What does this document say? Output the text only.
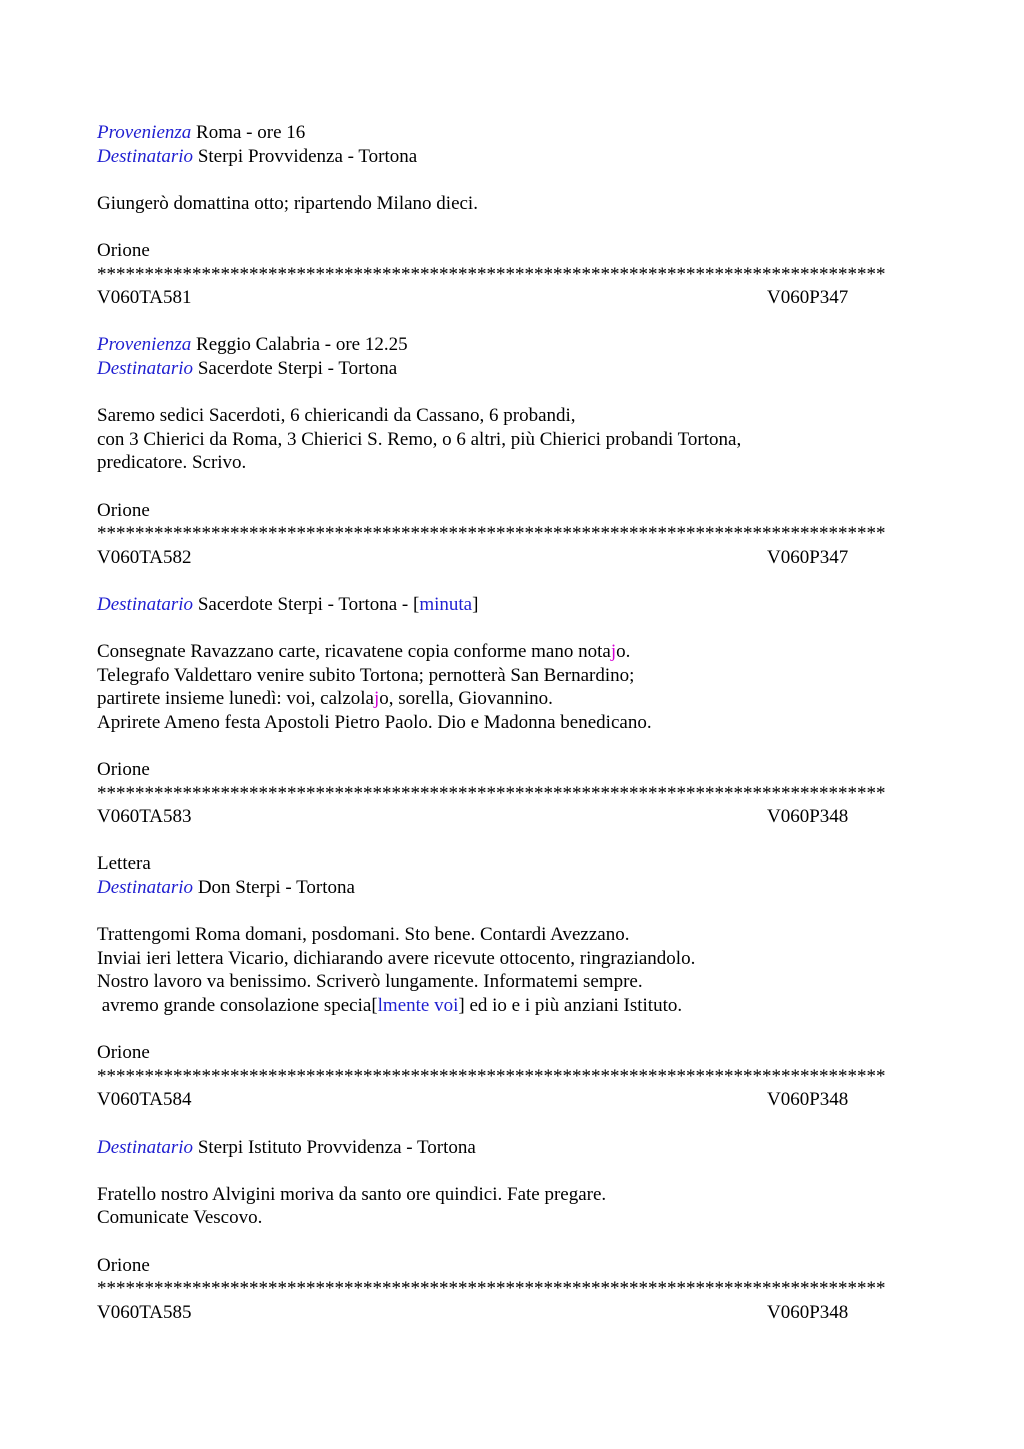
Provenienza Roma - ore 16
Destinatario Sterpi Provvidenza - Tortona
Giungerò domattina otto; ripartendo Milano dieci.
Orione
***********************************************************************************
V060TA581	V060P347
Provenienza Reggio Calabria - ore 12.25
Destinatario Sacerdote Sterpi - Tortona
Saremo sedici Sacerdoti, 6 chiericandi da Cassano, 6 probandi,
con 3 Chierici da Roma, 3 Chierici S. Remo, o 6 altri, più Chierici probandi Tortona,
predicatore. Scrivo.
Orione
***********************************************************************************
V060TA582	V060P347
Destinatario Sacerdote Sterpi - Tortona - [minuta]
Consegnate Ravazzano carte, ricavatene copia conforme mano notajo.
Telegrafo Valdettaro venire subito Tortona; pernotterà San Bernardino;
partirete insieme lunedì: voi, calzolajo, sorella, Giovannino.
Aprirete Ameno festa Apostoli Pietro Paolo. Dio e Madonna benedicano.
Orione
***********************************************************************************
V060TA583	V060P348
Lettera
Destinatario Don Sterpi - Tortona
Trattengomi Roma domani, posdomani. Sto bene. Contardi Avezzano.
Inviai ieri lettera Vicario, dichiarando avere ricevute ottocento, ringraziandolo.
Nostro lavoro va benissimo. Scriverò lungamente. Informatemi sempre.
avremo grande consolazione specia[lmente voi] ed io e i più anziani Istituto.
Orione
***********************************************************************************
V060TA584	V060P348
Destinatario Sterpi Istituto Provvidenza - Tortona
Fratello nostro Alvigini moriva da santo ore quindici. Fate pregare.
Comunicate Vescovo.
Orione
***********************************************************************************
V060TA585	V060P348
